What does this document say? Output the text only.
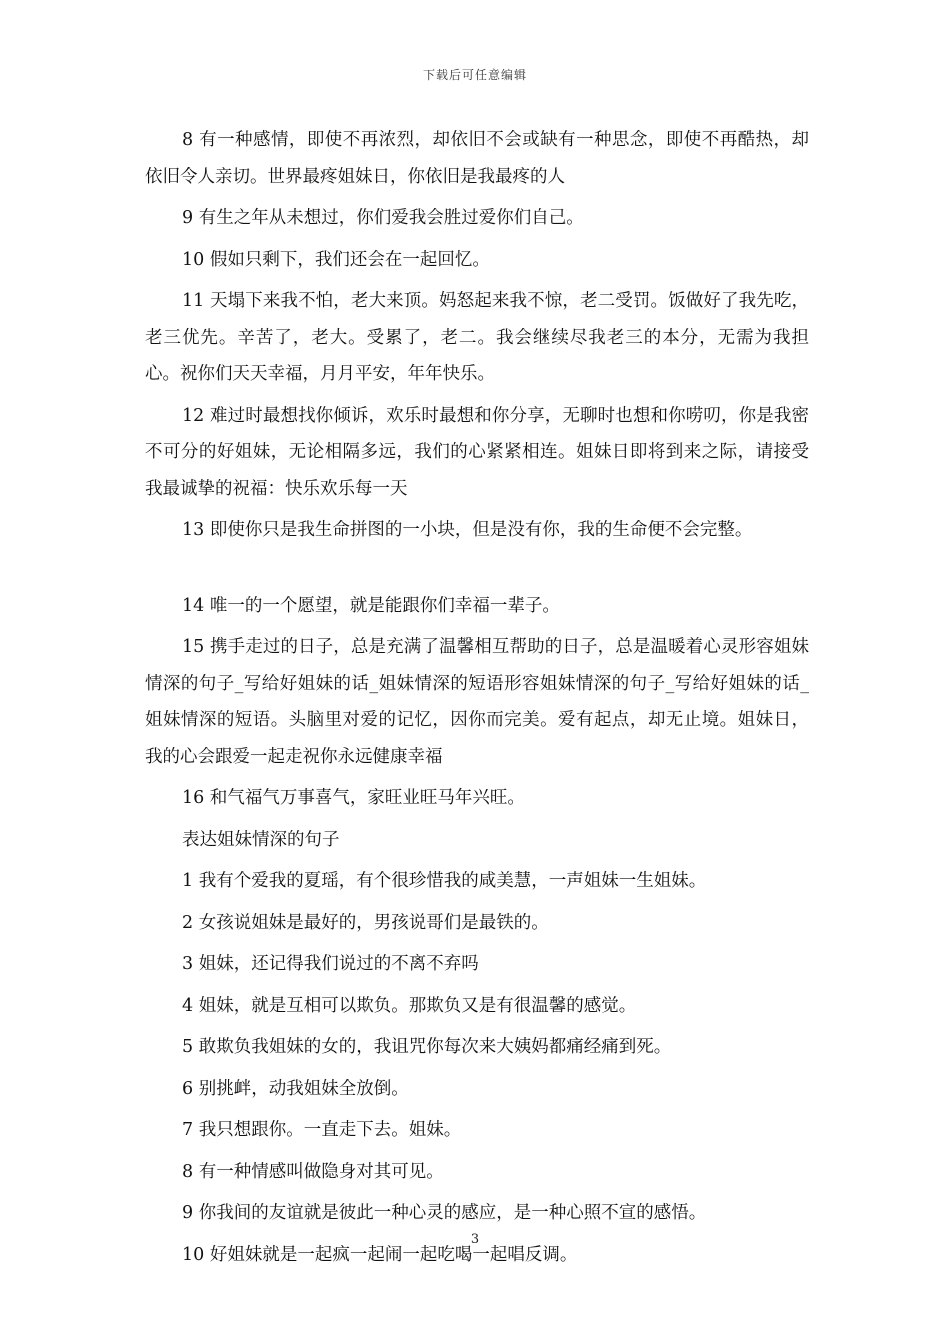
下载后可任意编辑

8 有一种感情，即使不再浓烈，却依旧不会或缺有一种思念，即使不再酷热，却依旧令人亲切。世界最疼姐妹日，你依旧是我最疼的人

9 有生之年从未想过，你们爱我会胜过爱你们自己。

10 假如只剩下，我们还会在一起回忆。

11 天塌下来我不怕，老大来顶。妈怒起来我不惊，老二受罚。饭做好了我先吃，老三优先。辛苦了，老大。受累了，老二。我会继续尽我老三的本分，无需为我担心。祝你们天天幸福，月月平安，年年快乐。

12 难过时最想找你倾诉，欢乐时最想和你分享，无聊时也想和你唠叨，你是我密不可分的好姐妹，无论相隔多远，我们的心紧紧相连。姐妹日即将到来之际，请接受我最诚挚的祝福：快乐欢乐每一天

13 即使你只是我生命拼图的一小块，但是没有你，我的生命便不会完整。

14 唯一的一个愿望，就是能跟你们幸福一辈子。

15 携手走过的日子，总是充满了温馨相互帮助的日子，总是温暖着心灵形容姐妹情深的句子_写给好姐妹的话_姐妹情深的短语形容姐妹情深的句子_写给好姐妹的话_姐妹情深的短语。头脑里对爱的记忆，因你而完美。爱有起点，却无止境。姐妹日，我的心会跟爱一起走祝你永远健康幸福

16 和气福气万事喜气，家旺业旺马年兴旺。

表达姐妹情深的句子

1 我有个爱我的夏瑶，有个很珍惜我的咸美慧，一声姐妹一生姐妹。

2 女孩说姐妹是最好的，男孩说哥们是最铁的。

3 姐妹，还记得我们说过的不离不弃吗

4 姐妹，就是互相可以欺负。那欺负又是有很温馨的感觉。

5 敢欺负我姐妹的女的，我诅咒你每次来大姨妈都痛经痛到死。

6 别挑衅，动我姐妹全放倒。

7 我只想跟你。一直走下去。姐妹。

8 有一种情感叫做隐身对其可见。

9 你我间的友谊就是彼此一种心灵的感应，是一种心照不宣的感悟。

10 好姐妹就是一起疯一起闹一起吃喝一起唱反调。

3
